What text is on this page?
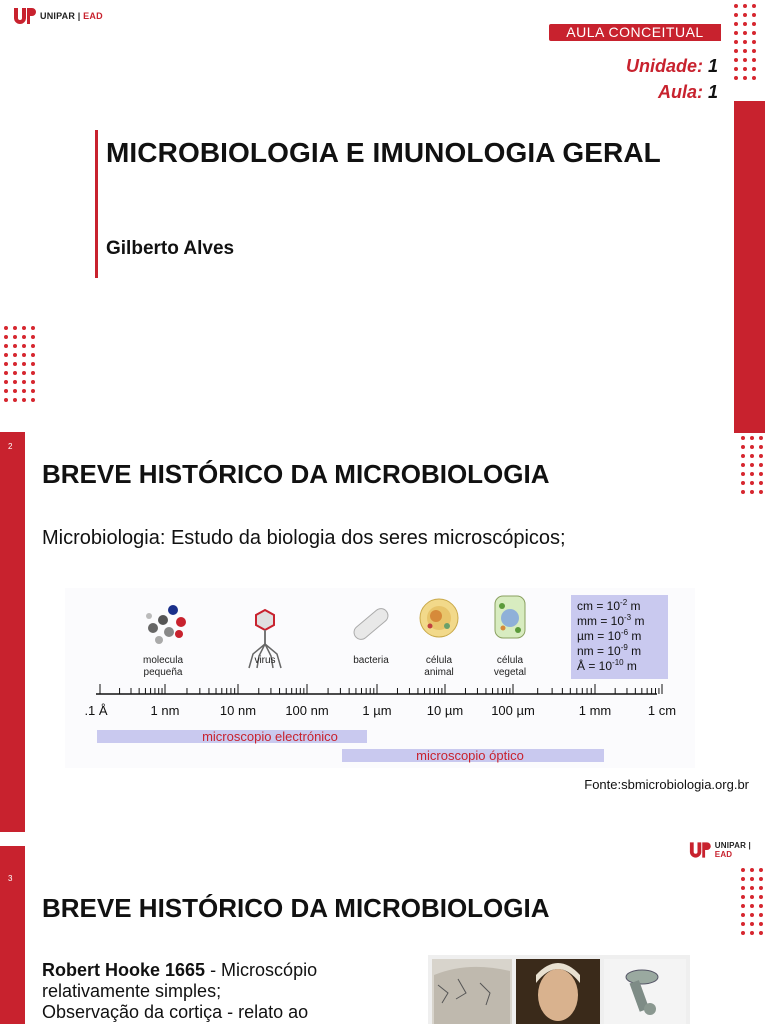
UNIPAR | EAD
AULA CONCEITUAL
Unidade: 1
Aula: 1
MICROBIOLOGIA E IMUNOLOGIA GERAL
Gilberto Alves
2
BREVE HISTÓRICO DA MICROBIOLOGIA
Microbiologia: Estudo da biologia dos seres microscópicos;
cm = $10^{-2}$ m
mm = $10^{-3}$ m
$\mu m = 10^{-6}$ m
nm = $10^{-9}$ m
Å = $10^{-10}$ m
molecula
pequeña
virus	bacteria	célula
animal
célula
vegetal
.1 Å	1 nm	10 nm 100 nm	1 µm	10 µm 100 µm	1 mm	1 cm
microscopio electrónico
microscopio óptico
Fonte:sbmicrobiologia.org.br
3
UNIPAR | EAD
BREVE HISTÓRICO DA MICROBIOLOGIA
Robert Hooke 1665 - Microscópio relativamente simples;
Observação da cortiça - relato ao
